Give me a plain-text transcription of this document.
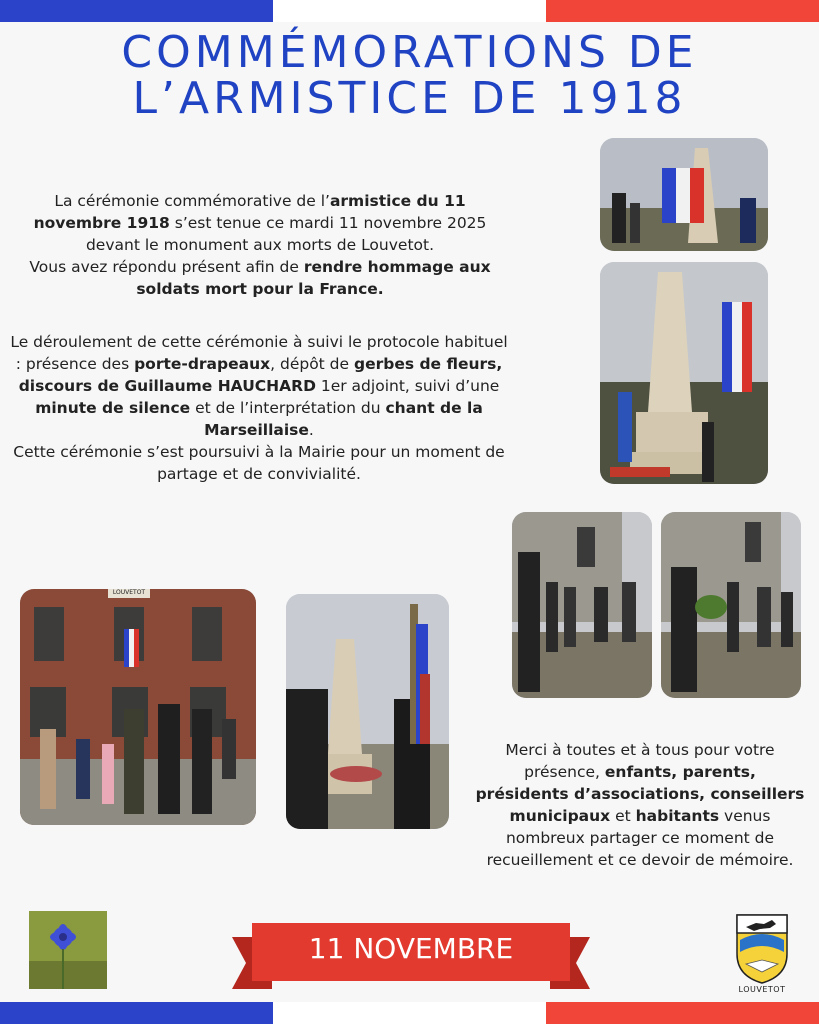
COMMÉMORATIONS DE
L’ARMISTICE DE 1918
La cérémonie commémorative de l’armistice du 11 novembre 1918 s’est tenue ce mardi 11 novembre 2025 devant le monument aux morts de Louvetot.
Vous avez répondu présent afin de rendre hommage aux soldats mort pour la France.
Le déroulement de cette cérémonie à suivi le protocole habituel : présence des porte-drapeaux, dépôt de gerbes de fleurs, discours de Guillaume HAUCHARD 1er adjoint, suivi d’une minute de silence et de l’interprétation du chant de la Marseillaise.
Cette cérémonie s’est poursuivi à la Mairie pour un moment de partage et de convivialité.
Merci à toutes et à tous pour votre présence, enfants, parents, présidents d’associations, conseillers municipaux et habitants venus nombreux partager ce moment de recueillement et ce devoir de mémoire.
LOUVETOT
11 NOVEMBRE
LOUVETOT
